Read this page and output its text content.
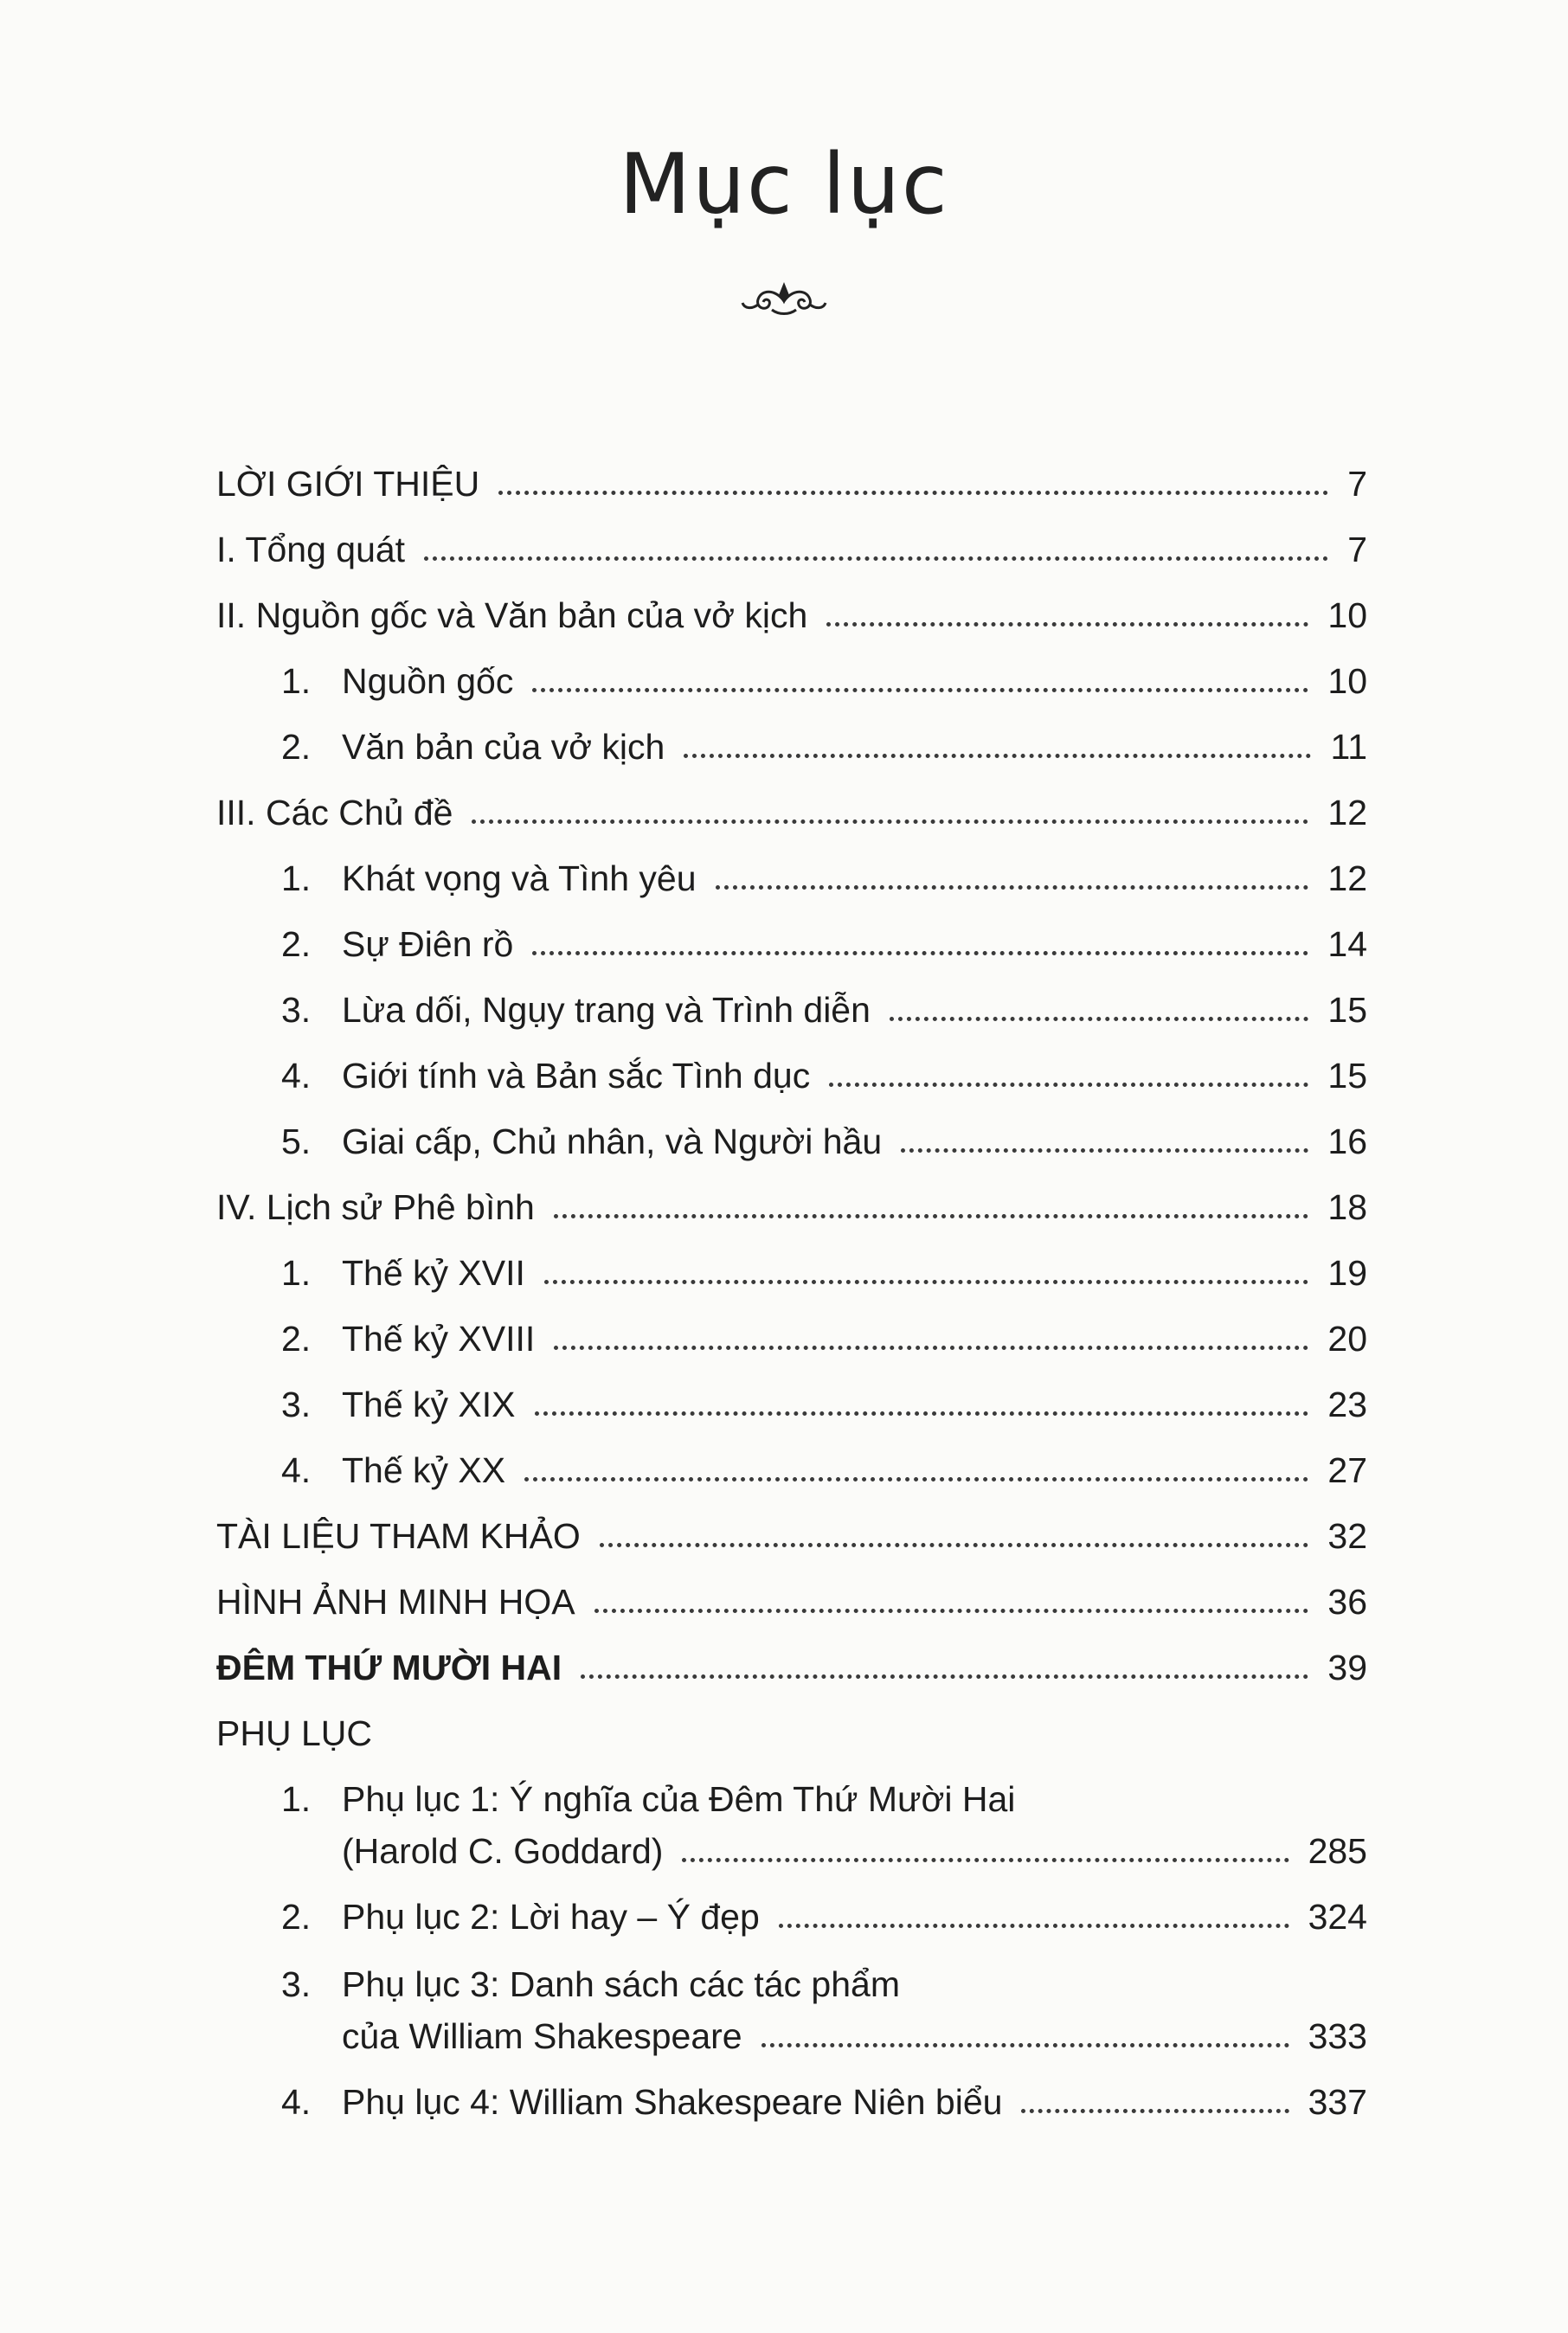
Mục lục
LỜI GIỚI THIỆU	7
I. Tổng quát	7
II. Nguồn gốc và Văn bản của vở kịch	10
1. Nguồn gốc	10
2. Văn bản của vở kịch	11
III. Các Chủ đề	12
1. Khát vọng và Tình yêu	12
2. Sự Điên rồ	14
3. Lừa dối, Ngụy trang và Trình diễn	15
4. Giới tính và Bản sắc Tình dục	15
5. Giai cấp, Chủ nhân, và Người hầu	16
IV. Lịch sử Phê bình	18
1. Thế kỷ XVII	19
2. Thế kỷ XVIII	20
3. Thế kỷ XIX	23
4. Thế kỷ XX	27
TÀI LIỆU THAM KHẢO	32
HÌNH ẢNH MINH HỌA	36
ĐÊM THỨ MƯỜI HAI	39
PHỤ LỤC
1. Phụ lục 1: Ý nghĩa của Đêm Thứ Mười Hai
(Harold C. Goddard)	285
2. Phụ lục 2: Lời hay – Ý đẹp	324
3. Phụ lục 3: Danh sách các tác phẩm
của William Shakespeare	333
4. Phụ lục 4: William Shakespeare Niên biểu	337
